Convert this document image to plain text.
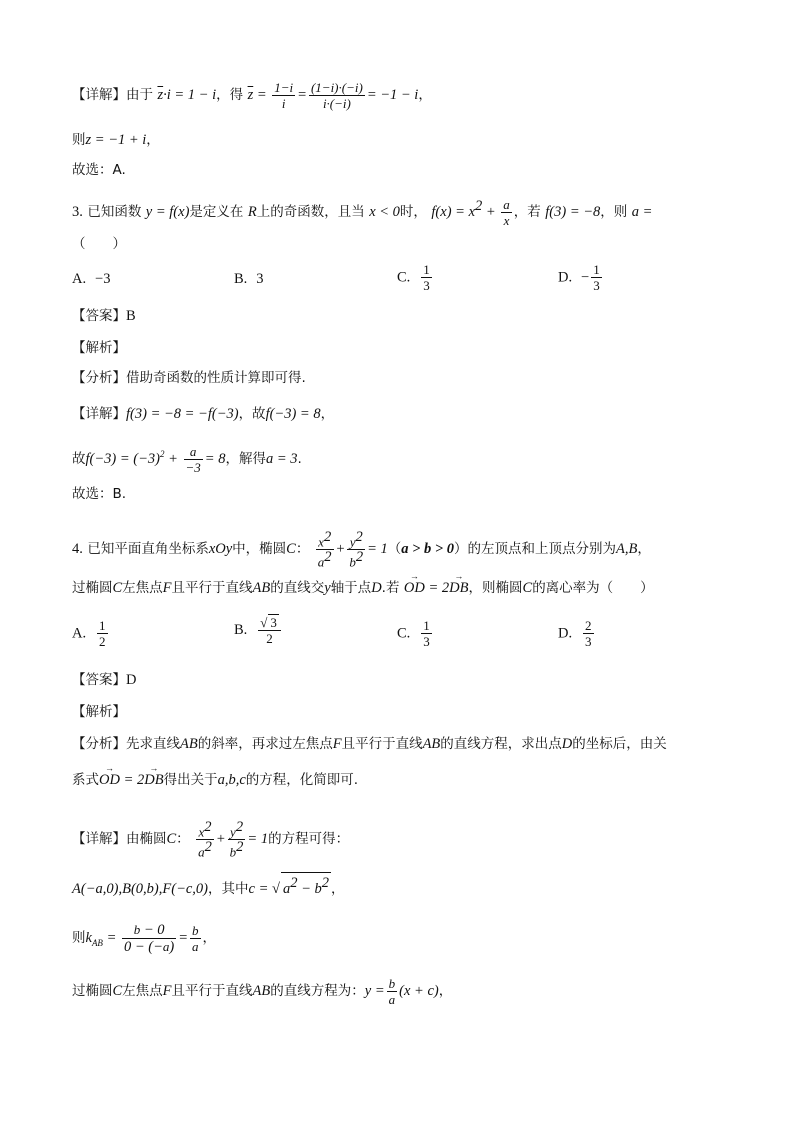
【详解】由于 $\overline{z}\cdot i = 1 - i$，得 $\overline{z} = \frac{1-i}{i} = \frac{(1-i)\cdot(-i)}{i\cdot(-i)} = -1 - i$，
则z = −1 + i，
故选：A.
3. 已知函数 y = f(x)是定义在 R上的奇函数，且当 x < 0时， $f(x) = x^2 + \frac{a}{x}$ ，若 f(3) = −8，则 a =
（　　）
A. −3	B. 3	C. $\frac{1}{3}$	D. − $\frac{1}{3}$
【答案】B
【解析】
【分析】借助奇函数的性质计算即可得.
【详解】f(3) = −8 = −f(−3)，故f(−3) = 8，
故$f(-3) = (-3)^2 + \frac{a}{-3} = 8$，解得a = 3.
故选：B.
4. 已知平面直角坐标系xOy中，椭圆C： $\frac{x^2}{a^2} + \frac{y^2}{b^2} = 1(a > b > 0)$的左顶点和上顶点分别为A,B，
过椭圆C左焦点F且平行于直线AB的直线交y轴于点D.若 → OD = 2→ DB，则椭圆C的离心率为（　　）
A. $\frac{1}{2}$	B. $\frac{√ 3}{2}$	C. $\frac{1}{3}$	D. $\frac{2}{3}$
【答案】D
【解析】
【分析】先求直线AB的斜率，再求过左焦点F且平行于直线AB的直线方程，求出点D的坐标后，由关
系式→ OD = 2→ DB得出关于a,b,c的方程，化简即可.
【详解】由椭圆C： $\frac{x^2}{a^2} + \frac{y^2}{b^2} = 1$的方程可得：
A(−a,0),B(0,b),F(−c,0)，其中c = √ $a^2 - b^2$ ，
则$k_{AB} = \frac{b - 0}{0 - (-a)} = \frac{b}{a}$ ，
过椭圆C左焦点F且平行于直线AB的直线方程为：$y = \frac{b}{a} (x + c)$，
